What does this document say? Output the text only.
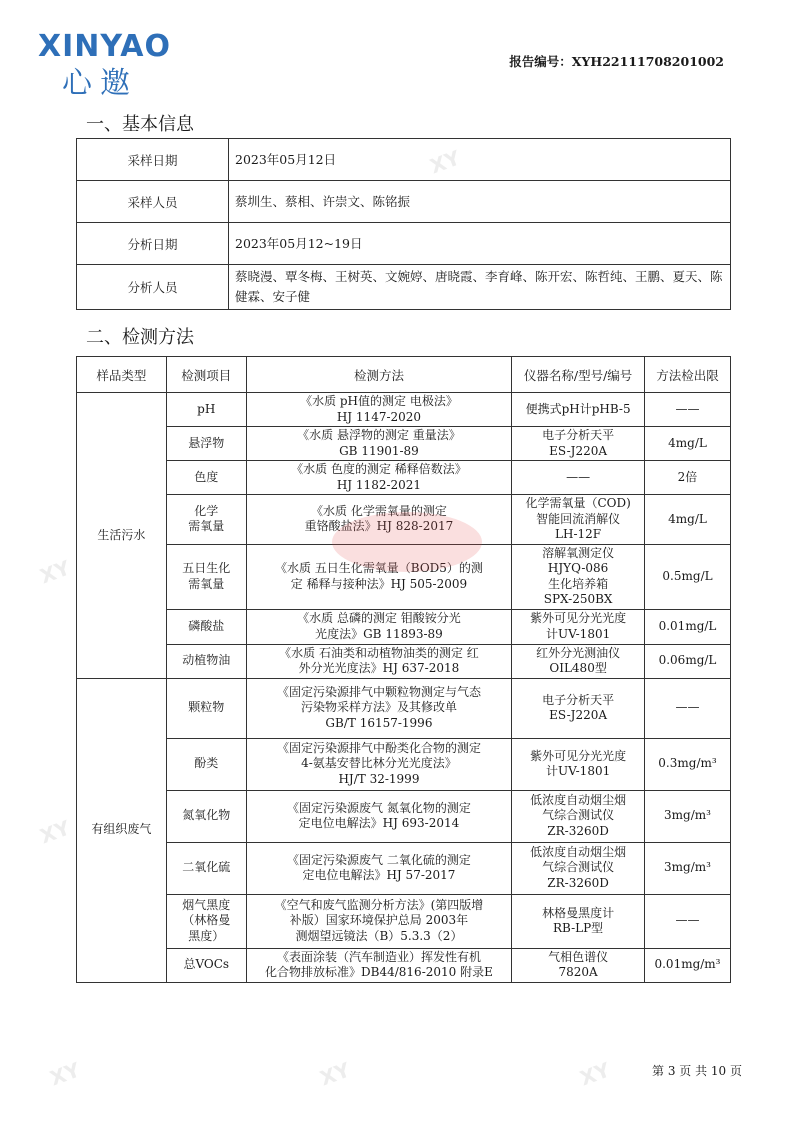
XINYAO
心邀
报告编号：XYH22111708201002
一、基本信息
采样日期	2023年05月12日
采样人员	蔡圳生、蔡相、许崇文、陈铭振
分析日期	2023年05月12~19日
分析人员	蔡晓漫、覃冬梅、王树英、文婉婷、唐晓霞、李育峰、陈开宏、陈哲纯、王鹏、夏天、陈健霖、安子健
二、检测方法
样品类型	检测项目	检测方法	仪器名称/型号/编号	方法检出限
生活污水	pH	《水质 pH值的测定 电极法》
HJ 1147-2020	便携式pH计pHB-5	——
	悬浮物	《水质 悬浮物的测定 重量法》
GB 11901-89	电子分析天平
ES-J220A	4mg/L
	色度	《水质 色度的测定 稀释倍数法》
HJ 1182-2021	——	2倍
	化学
需氧量	《水质 化学需氧量的测定
重铬酸盐法》HJ 828-2017	化学需氧量（COD)
智能回流消解仪
LH-12F	4mg/L
	五日生化
需氧量	《水质 五日生化需氧量（BOD5）的测
定 稀释与接种法》HJ 505-2009	溶解氧测定仪
HJYQ-086
生化培养箱
SPX-250BX	0.5mg/L
	磷酸盐	《水质 总磷的测定 钼酸铵分光
光度法》GB 11893-89	紫外可见分光光度
计UV-1801	0.01mg/L
	动植物油	《水质 石油类和动植物油类的测定 红
外分光光度法》HJ 637-2018	红外分光测油仪
OIL480型	0.06mg/L
有组织废气	颗粒物	《固定污染源排气中颗粒物测定与气态
污染物采样方法》及其修改单
GB/T 16157-1996	电子分析天平
ES-J220A	——
	酚类	《固定污染源排气中酚类化合物的测定
4-氨基安替比林分光光度法》
HJ/T 32-1999	紫外可见分光光度
计UV-1801	0.3mg/m³
	氮氧化物	《固定污染源废气 氮氧化物的测定
定电位电解法》HJ 693-2014	低浓度自动烟尘烟
气综合测试仪
ZR-3260D	3mg/m³
	二氧化硫	《固定污染源废气 二氧化硫的测定
定电位电解法》HJ 57-2017	低浓度自动烟尘烟
气综合测试仪
ZR-3260D	3mg/m³
	烟气黑度
（林格曼
黑度）	《空气和废气监测分析方法》(第四版增
补版）国家环境保护总局 2003年
测烟望远镜法（B）5.3.3（2）	林格曼黑度计
RB-LP型	——
	总VOCs	《表面涂装（汽车制造业）挥发性有机
化合物排放标准》DB44/816-2010 附录E	气相色谱仪
7820A	0.01mg/m³
XY
XY
XY
XY
XY
XY	第 3 页 共 10 页
